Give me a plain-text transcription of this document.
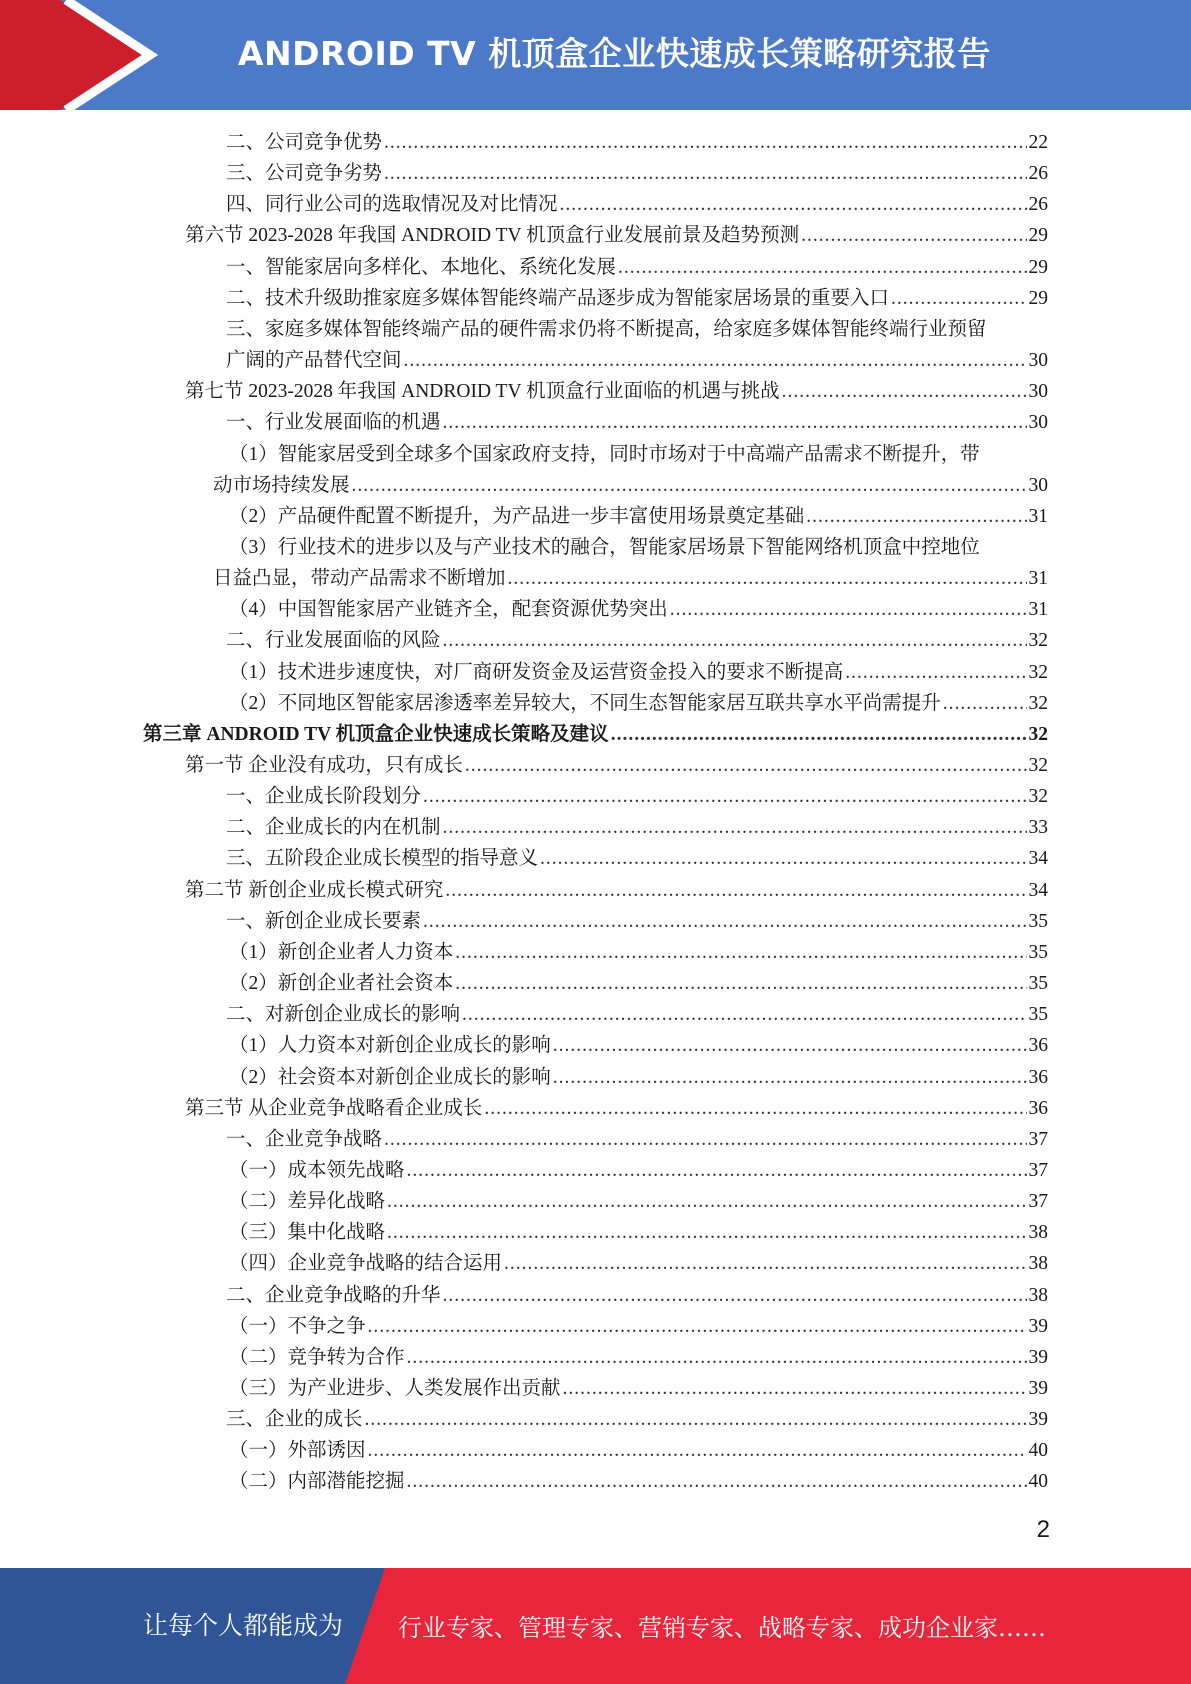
ANDROID TV 机顶盒企业快速成长策略研究报告
二、公司竞争优势 .....	22
三、公司竞争劣势 .....	26
四、同行业公司的选取情况及对比情况 .....	26
第六节 2023-2028 年我国 ANDROID TV 机顶盒行业发展前景及趋势预测 .....	29
一、智能家居向多样化、本地化、系统化发展 .....	29
二、技术升级助推家庭多媒体智能终端产品逐步成为智能家居场景的重要入口 .....	29
三、家庭多媒体智能终端产品的硬件需求仍将不断提高，给家庭多媒体智能终端行业预留
广阔的产品替代空间 .....	30
第七节 2023-2028 年我国 ANDROID TV 机顶盒行业面临的机遇与挑战 .....	30
一、行业发展面临的机遇 .....	30
（1）智能家居受到全球多个国家政府支持，同时市场对于中高端产品需求不断提升，带
动市场持续发展 .....	30
（2）产品硬件配置不断提升，为产品进一步丰富使用场景奠定基础 .....	31
（3）行业技术的进步以及与产业技术的融合，智能家居场景下智能网络机顶盒中控地位
日益凸显，带动产品需求不断增加 .....	31
（4）中国智能家居产业链齐全，配套资源优势突出 .....	31
二、行业发展面临的风险 .....	32
（1）技术进步速度快，对厂商研发资金及运营资金投入的要求不断提高 .....	32
（2）不同地区智能家居渗透率差异较大，不同生态智能家居互联共享水平尚需提升 .....	32
第三章 ANDROID TV 机顶盒企业快速成长策略及建议 .....	32
第一节 企业没有成功，只有成长 .....	32
一、企业成长阶段划分 .....	32
二、企业成长的内在机制 .....	33
三、五阶段企业成长模型的指导意义 .....	34
第二节 新创企业成长模式研究 .....	34
一、新创企业成长要素 .....	35
（1）新创企业者人力资本 .....	35
（2）新创企业者社会资本 .....	35
二、对新创企业成长的影响 .....	35
（1）人力资本对新创企业成长的影响 .....	36
（2）社会资本对新创企业成长的影响 .....	36
第三节 从企业竞争战略看企业成长 .....	36
一、企业竞争战略 .....	37
（一）成本领先战略 .....	37
（二）差异化战略 .....	37
（三）集中化战略 .....	38
（四）企业竞争战略的结合运用 .....	38
二、企业竞争战略的升华 .....	38
（一）不争之争 .....	39
（二）竞争转为合作 .....	39
（三）为产业进步、人类发展作出贡献 .....	39
三、企业的成长 .....	39
（一）外部诱因 .....	40
（二）内部潜能挖掘 .....	40
2
让每个人都能成为 行业专家、管理专家、营销专家、战略专家、成功企业家……
